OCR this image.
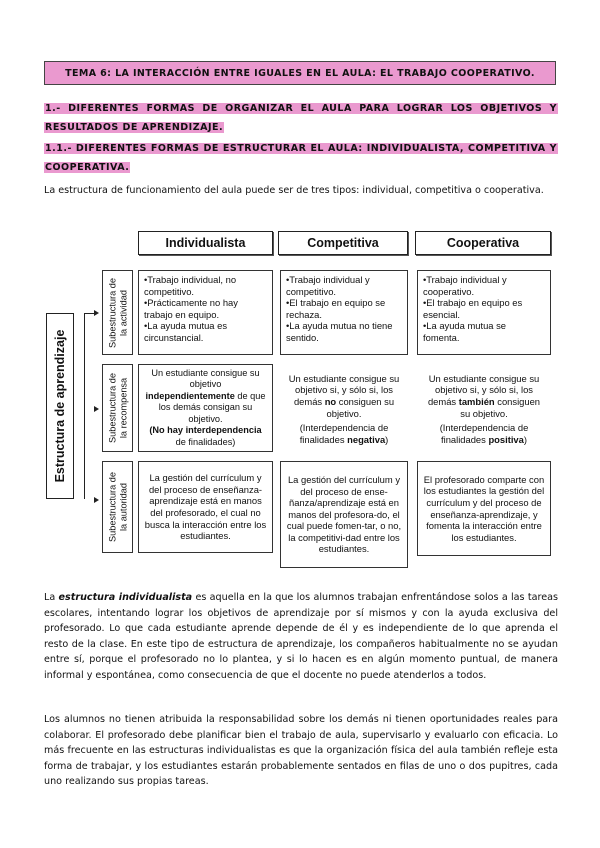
TEMA 6: LA INTERACCIÓN ENTRE IGUALES EN EL AULA: EL TRABAJO COOPERATIVO.
1.- DIFERENTES FORMAS DE ORGANIZAR EL AULA PARA LOGRAR LOS OBJETIVOS Y RESULTADOS DE APRENDIZAJE.
1.1.- DIFERENTES FORMAS DE ESTRUCTURAR EL AULA: INDIVIDUALISTA, COMPETITIVA Y COOPERATIVA.

La estructura de funcionamiento del aula puede ser de tres tipos: individual, competitiva o cooperativa.

Estructura de aprendizaje
Individualista	Competitiva	Cooperativa
Subestructura de la actividad

•Trabajo individual, no competitivo.

•Prácticamente no hay trabajo en equipo.

•La ayuda mutua es circunstancial.

•Trabajo individual y competitivo.

•El trabajo en equipo se rechaza.

•La ayuda mutua no tiene sentido.

•Trabajo individual y cooperativo.

•El trabajo en equipo es esencial.

•La ayuda mutua se fomenta.

Subestructura de la recompensa

Un estudiante consigue su objetivo independientemente de que los demás consigan su objetivo.

(No hay interdependencia de finalidades)

Un estudiante consigue su objetivo si, y sólo si, los demás no consiguen su objetivo.

(Interdependencia de finalidades negativa)

Un estudiante consigue su objetivo si, y sólo si, los demás también consiguen su objetivo.

(Interdependencia de finalidades positiva)

Subestructura de la autoridad

La gestión del currículum y del proceso de enseñanza-aprendizaje está en manos del profesorado, el cual no busca la interacción entre los estudiantes.

La gestión del currículum y del proceso de ense-ñanza/aprendizaje está en manos del profesora-do, el cual puede fomen-tar, o no, la competitivi-dad entre los estudiantes.

El profesorado comparte con los estudiantes la gestión del currículum y del proceso de enseñanza-aprendizaje, y fomenta la interacción entre los estudiantes.

La estructura individualista es aquella en la que los alumnos trabajan enfrentándose solos a las tareas escolares, intentando lograr los objetivos de aprendizaje por sí mismos y con la ayuda exclusiva del profesorado. Lo que cada estudiante aprende depende de él y es independiente de lo que aprenda el resto de la clase. En este tipo de estructura de aprendizaje, los compañeros habitualmente no se ayudan entre sí, porque el profesorado no lo plantea, y si lo hacen es en algún momento puntual, de manera informal y espontánea, como consecuencia de que el docente no puede atenderlos a todos.

Los alumnos no tienen atribuida la responsabilidad sobre los demás ni tienen oportunidades reales para colaborar. El profesorado debe planificar bien el trabajo de aula, supervisarlo y evaluarlo con eficacia. Lo más frecuente en las estructuras individualistas es que la organización física del aula también refleje esta forma de trabajar, y los estudiantes estarán probablemente sentados en filas de uno o dos pupitres, cada uno realizando sus propias tareas.
